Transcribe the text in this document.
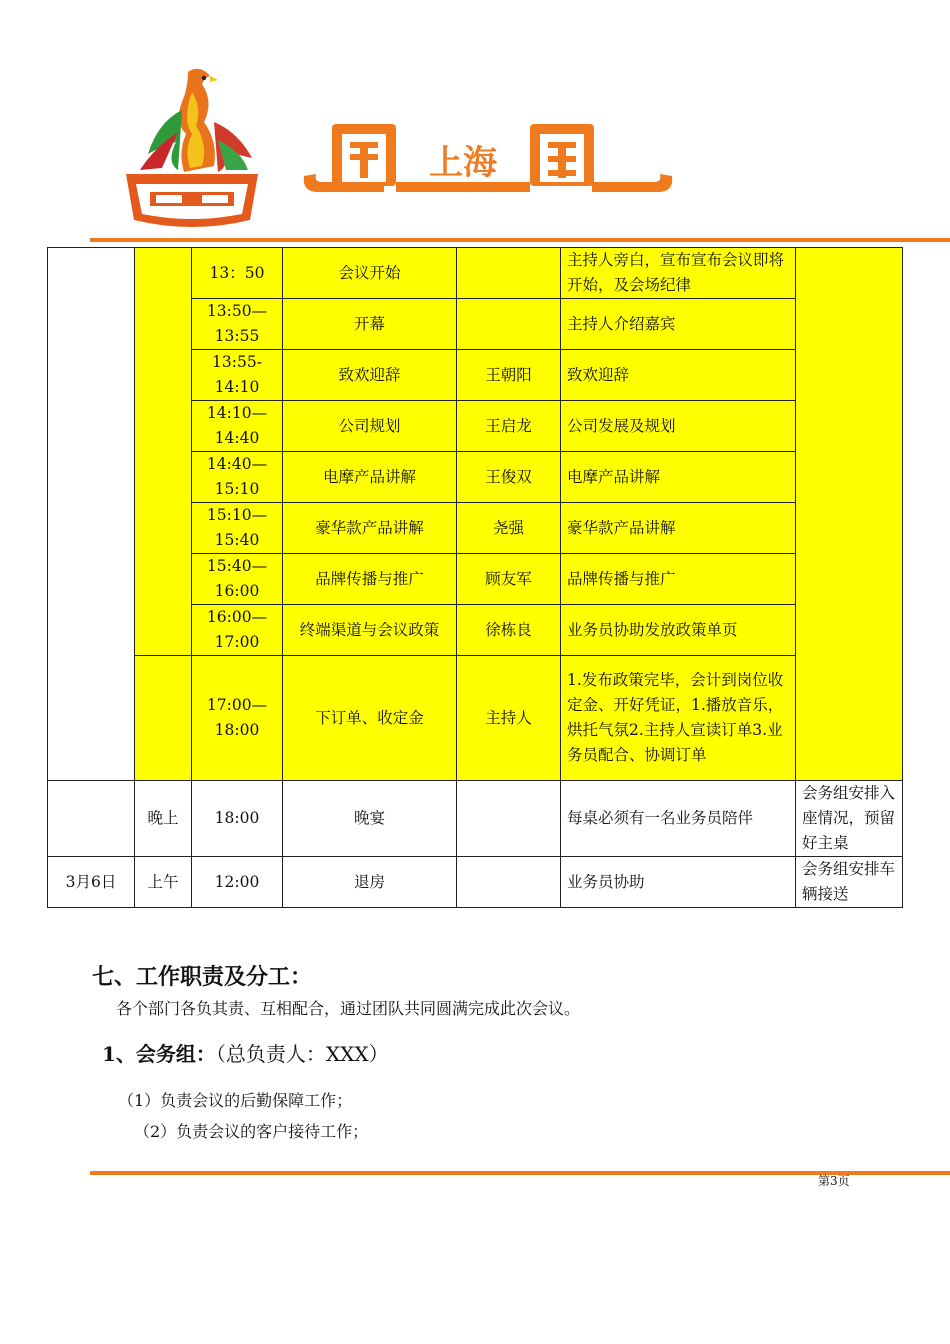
上海
		13：50	会议开始		主持人旁白，宣布宣布会议即将开始，及会场纪律	
		13:50—13:55	开幕		主持人介绍嘉宾	
		13:55-14:10	致欢迎辞	王朝阳	致欢迎辞	
		14:10—14:40	公司规划	王启龙	公司发展及规划	
		14:40—15:10	电摩产品讲解	王俊双	电摩产品讲解	
		15:10—15:40	豪华款产品讲解	尧强	豪华款产品讲解	
		15:40—16:00	品牌传播与推广	顾友军	品牌传播与推广	
		16:00—17:00	终端渠道与会议政策	徐栋良	业务员协助发放政策单页	
		17:00—18:00	下订单、收定金	主持人	1.发布政策完毕，会计到岗位收定金、开好凭证，1.播放音乐，烘托气氛2.主持人宣读订单3.业务员配合、协调订单	
	晚上	18:00	晚宴		每桌必须有一名业务员陪伴	会务组安排入座情况，预留好主桌
3月6日	上午	12:00	退房		业务员协助	会务组安排车辆接送
七、工作职责及分工：
各个部门各负其责、互相配合，通过团队共同圆满完成此次会议。
1、会务组：（总负责人：XXX）
（1）负责会议的后勤保障工作；
（2）负责会议的客户接待工作；
第3页
